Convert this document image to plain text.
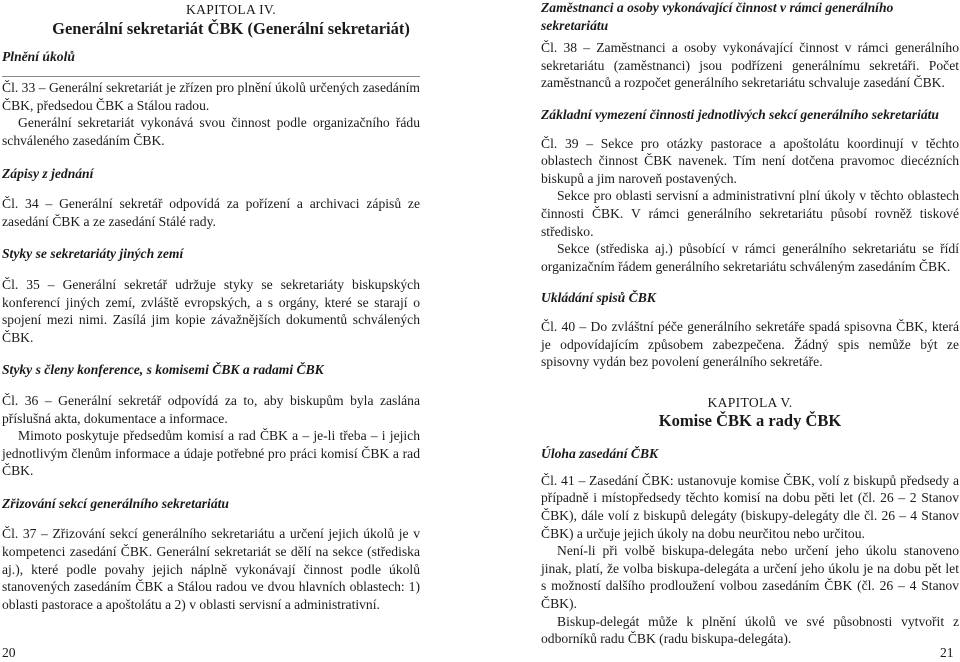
KAPITOLA IV.
Generální sekretariát ČBK (Generální sekretariát)
Plnění úkolů
Čl. 33 – Generální sekretariát je zřízen pro plnění úkolů určených zasedáním ČBK, předsedou ČBK a Stálou radou.
Generální sekretariát vykonává svou činnost podle organizačního řádu schváleného zasedáním ČBK.
Zápisy z jednání
Čl. 34 – Generální sekretář odpovídá za pořízení a archivaci zápisů ze zasedání ČBK a ze zasedání Stálé rady.
Styky se sekretariáty jiných zemí
Čl. 35 – Generální sekretář udržuje styky se sekretariáty biskupských konferencí jiných zemí, zvláště evropských, a s orgány, které se starají o spojení mezi nimi. Zasílá jim kopie závažnějších dokumentů schválených ČBK.
Styky s členy konference, s komisemi ČBK a radami ČBK
Čl. 36 – Generální sekretář odpovídá za to, aby biskupům byla zaslána příslušná akta, dokumentace a informace.
Mimoto poskytuje předsedům komisí a rad ČBK a – je-li třeba – i jejich jednotlivým členům informace a údaje potřebné pro práci komisí ČBK a rad ČBK.
Zřizování sekcí generálního sekretariátu
Čl. 37 – Zřizování sekcí generálního sekretariátu a určení jejich úkolů je v kompetenci zasedání ČBK. Generální sekretariát se dělí na sekce (střediska aj.), které podle povahy jejich náplně vykonávají činnost podle úkolů stanovených zasedáním ČBK a Stálou radou ve dvou hlavních oblastech: 1) oblasti pastorace a apoštolátu a 2) v oblasti servisní a administrativní.
Zaměstnanci a osoby vykonávající činnost v rámci generálního sekretariátu
Čl. 38 – Zaměstnanci a osoby vykonávající činnost v rámci generálního sekretariátu (zaměstnanci) jsou podřízeni generálnímu sekretáři. Počet zaměstnanců a rozpočet generálního sekretariátu schvaluje zasedání ČBK.
Základní vymezení činnosti jednotlivých sekcí generálního sekretariátu
Čl. 39 – Sekce pro otázky pastorace a apoštolátu koordinují v těchto oblastech činnost ČBK navenek. Tím není dotčena pravomoc diecézních biskupů a jim naroveň postavených.
Sekce pro oblasti servisní a administrativní plní úkoly v těchto oblastech činnosti ČBK. V rámci generálního sekretariátu působí rovněž tiskové středisko.
Sekce (střediska aj.) působící v rámci generálního sekretariátu se řídí organizačním řádem generálního sekretariátu schváleným zasedáním ČBK.
Ukládání spisů ČBK
Čl. 40 – Do zvláštní péče generálního sekretáře spadá spisovna ČBK, která je odpovídajícím způsobem zabezpečena. Žádný spis nemůže být ze spisovny vydán bez povolení generálního sekretáře.
KAPITOLA V.
Komise ČBK a rady ČBK
Úloha zasedání ČBK
Čl. 41 – Zasedání ČBK: ustanovuje komise ČBK, volí z biskupů předsedy a případně i místopředsedy těchto komisí na dobu pěti let (čl. 26 – 2 Stanov ČBK), dále volí z biskupů delegáty (biskupy-delegáty dle čl. 26 – 4 Stanov ČBK) a určuje jejich úkoly na dobu neurčitou nebo určitou.
Není-li při volbě biskupa-delegáta nebo určení jeho úkolu stanoveno jinak, platí, že volba biskupa-delegáta a určení jeho úkolu je na dobu pět let s možností dalšího prodloužení volbou zasedáním ČBK (čl. 26 – 4 Stanov ČBK).
Biskup-delegát může k plnění úkolů ve své působnosti vytvořit z odborníků radu ČBK (radu biskupa-delegáta).
20	21
